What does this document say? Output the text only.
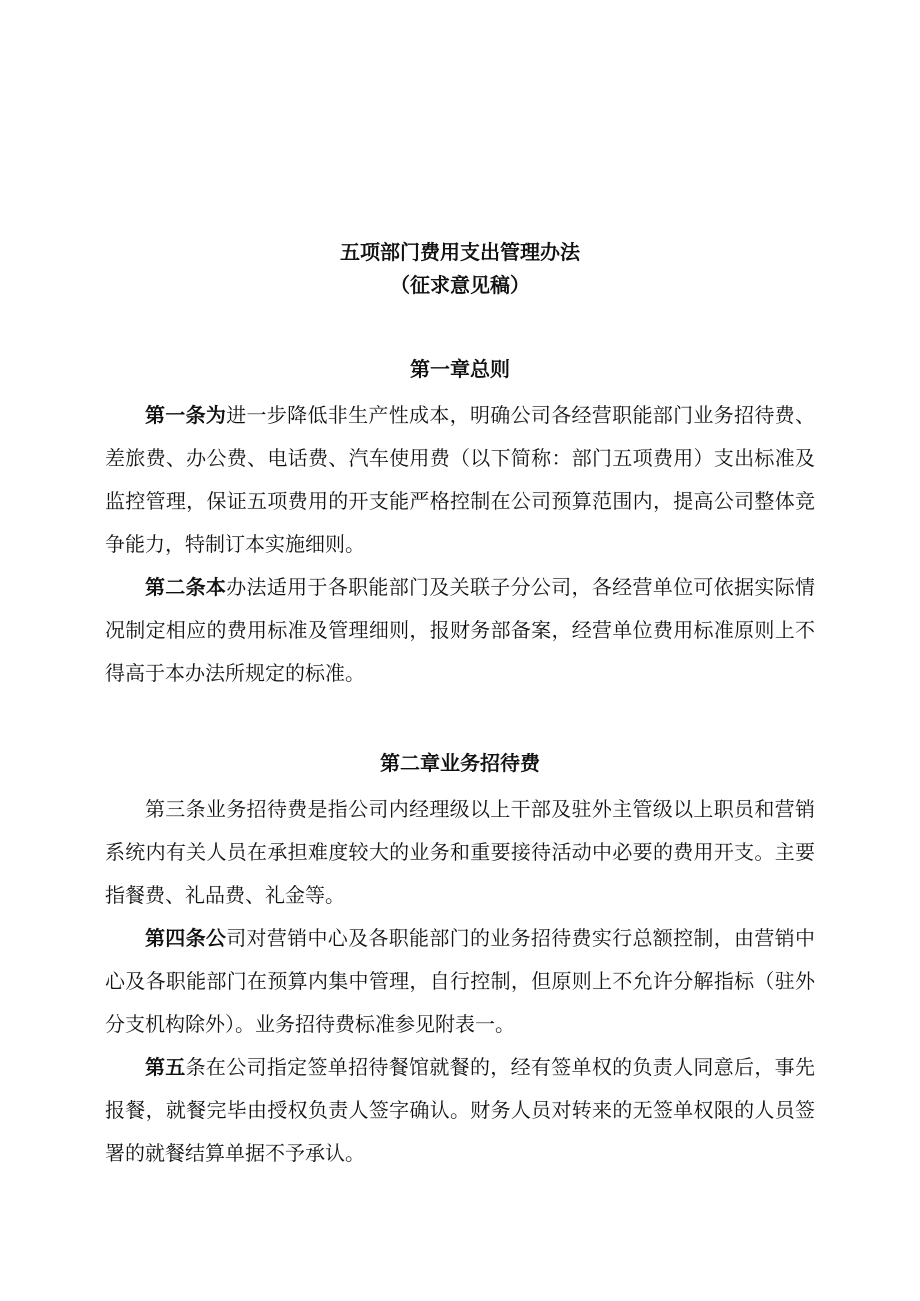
五项部门费用支出管理办法
（征求意见稿）
第一章总则
第一条为进一步降低非生产性成本，明确公司各经营职能部门业务招待费、差旅费、办公费、电话费、汽车使用费（以下简称：部门五项费用）支出标准及监控管理，保证五项费用的开支能严格控制在公司预算范围内，提高公司整体竞争能力，特制订本实施细则。
第二条本办法适用于各职能部门及关联子分公司，各经营单位可依据实际情况制定相应的费用标准及管理细则，报财务部备案，经营单位费用标准原则上不得高于本办法所规定的标准。
第二章业务招待费
第三条业务招待费是指公司内经理级以上干部及驻外主管级以上职员和营销系统内有关人员在承担难度较大的业务和重要接待活动中必要的费用开支。主要指餐费、礼品费、礼金等。
第四条公司对营销中心及各职能部门的业务招待费实行总额控制，由营销中心及各职能部门在预算内集中管理，自行控制，但原则上不允许分解指标（驻外分支机构除外）。业务招待费标准参见附表一。
第五条在公司指定签单招待餐馆就餐的，经有签单权的负责人同意后，事先报餐，就餐完毕由授权负责人签字确认。财务人员对转来的无签单权限的人员签署的就餐结算单据不予承认。
